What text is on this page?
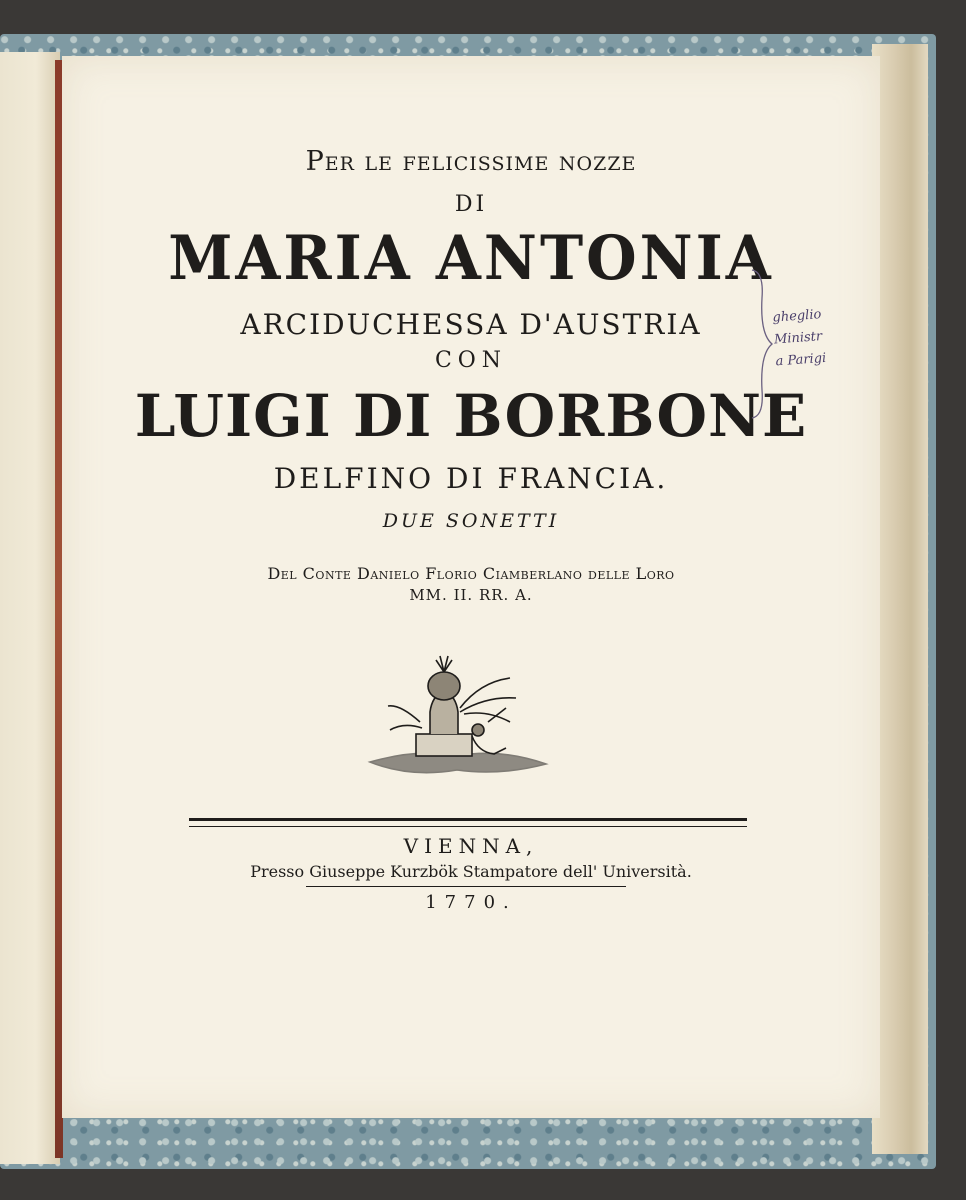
Per le felicissime nozze
DI
MARIA ANTONIA
ARCIDUCHESSA D'AUSTRIA
CON
LUIGI DI BORBONE
DELFINO DI FRANCIA.
DUE SONETTI
Del Conte Danielo Florio Ciamberlano delle Loro
MM. II. RR. A.
VIENNA,
Presso Giuseppe Kurzbök Stampatore dell' Università.
1770.
gheglio Ministr
a Parigi
